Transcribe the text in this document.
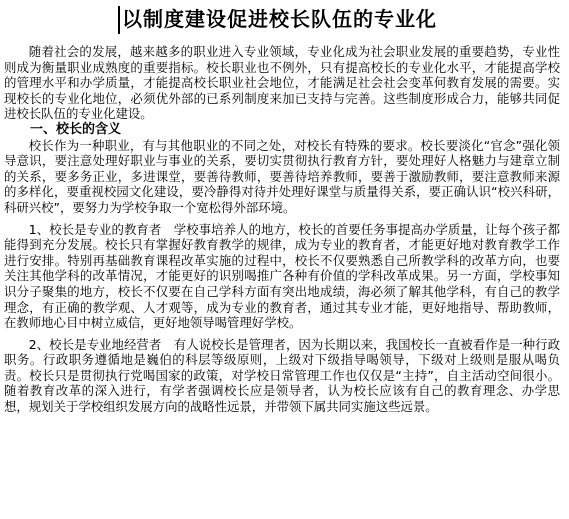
以制度建设促进校长队伍的专业化

随着社会的发展，越来越多的职业进入专业领域，专业化成为社会职业发展的重要趋势，专业性则成为衡量职业成熟度的重要指标。校长职业也不例外，只有提高校长的专业化水平，才能提高学校的管理水平和办学质量，才能提高校长职业社会地位，才能满足社会社会变革何教育发展的需要。实现校长的专业化地位，必须优外部的已系列制度来加已支持与完善。这些制度形成合力，能够共同促进校长队伍的专业化建设。

一、校长的含义

校长作为一种职业，有与其他职业的不同之处，对校长有特殊的要求。校长要淡化“官念”强化领导意识，要注意处理好职业与事业的关系，要切实贯彻执行教育方针，要处理好人格魅力与建章立制的关系，要多务正业，多进课堂，要善待教师，要善待培养教师，要善于激励教师，要注意教师来源的多样化，要重视校园文化建设，要冷静得对待并处理好课堂与质量得关系，要正确认识“校兴科研，科研兴校”，要努力为学校争取一个宽松得外部环境。

1、校长是专业的教育者　学校事培养人的地方，校长的首要任务事提高办学质量，让每个孩子都能得到充分发展。校长只有掌握好教育教学的规律，成为专业的教育者，才能更好地对教育教学工作进行安排。特别再基础教育课程改革实施的过程中，校长不仅要熟悉自己所教学科的改革方向，也要关注其他学科的改革情况，才能更好的识别喝推广各种有价值的学科改革成果。另一方面，学校事知识分子聚集的地方，校长不仅要在自己学科方面有突出地成绩，海必须了解其他学科，有自己的教学理念，有正确的教学观、人才观等，成为专业的教育者，通过其专业才能，更好地指导、帮助教师，在教师地心目中树立威信，更好地领导喝管理好学校。

2、校长是专业地经营者　有人说校长是管理者，因为长期以来，我国校长一直被看作是一种行政职务。行政职务遵循地是巍伯的科层等级原则，上级对下级指导喝领导，下级对上级则是服从喝负责。校长只是贯彻执行党喝国家的政策，对学校日常管理工作也仅仅是“主持”，自主活动空间很小。随着教育改革的深入进行，有学者强调校长应是领导者，认为校长应该有自己的教育理念、办学思想，规划关于学校组织发展方向的战略性远景，并带领下属共同实施这些远景。
